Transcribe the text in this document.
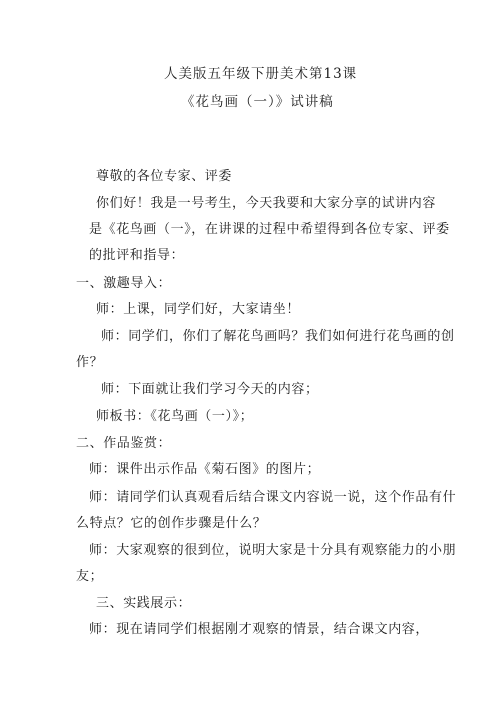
人美版五年级下册美术第13课
《花鸟画（一）》试讲稿
尊敬的各位专家、评委
你们好！我是一号考生，今天我要和大家分享的试讲内容
是《花鸟画（一》，在讲课的过程中希望得到各位专家、评委
的批评和指导：
一、激趣导入：
师：上课，同学们好，大家请坐！
师：同学们，你们了解花鸟画吗？我们如何进行花鸟画的创
作？
师：下面就让我们学习今天的内容；
师板书：《花鸟画（一）》；
二、作品鉴赏：
师：课件出示作品《菊石图》的图片；
师：请同学们认真观看后结合课文内容说一说，这个作品有什
么特点？它的创作步骤是什么？
师：大家观察的很到位，说明大家是十分具有观察能力的小朋
友；
三、实践展示：
师：现在请同学们根据刚才观察的情景，结合课文内容，
